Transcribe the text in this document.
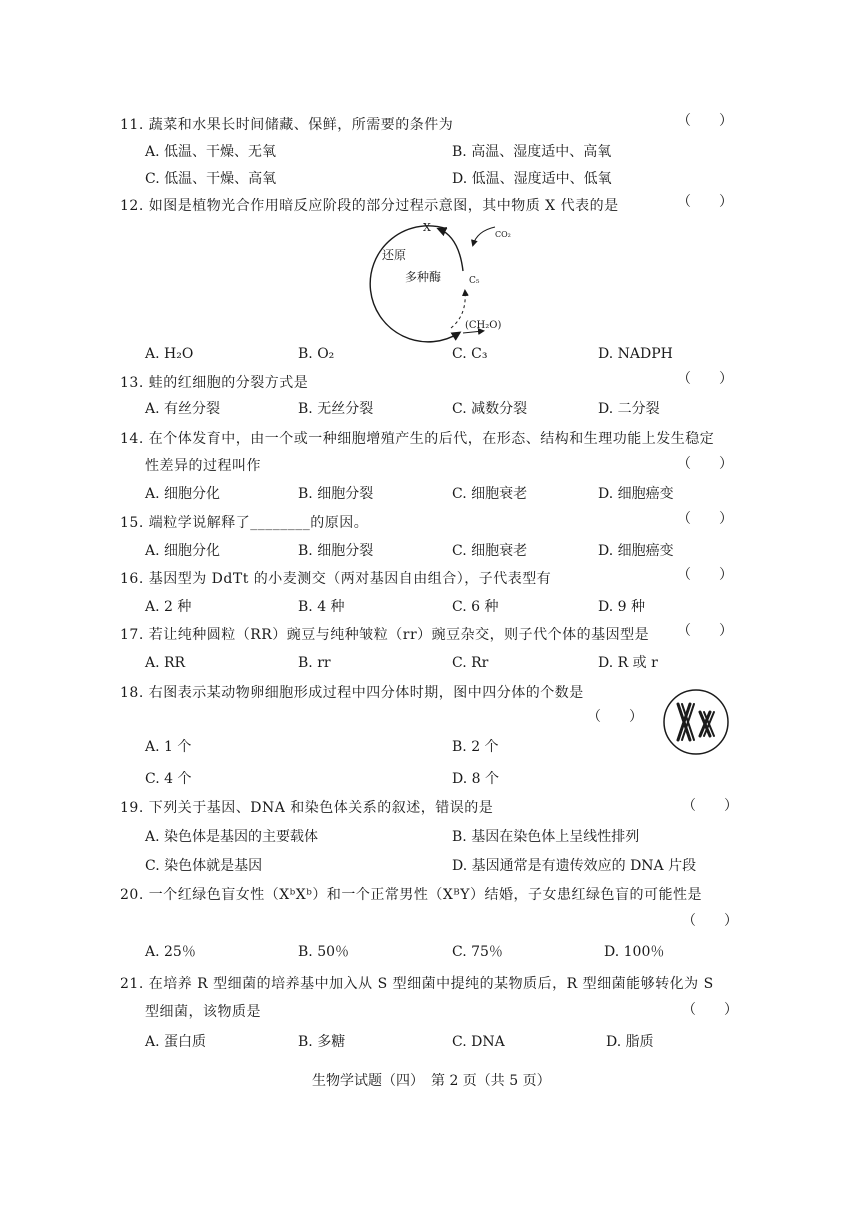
11. 蔬菜和水果长时间储藏、保鲜，所需要的条件为	（　　）
A. 低温、干燥、无氧	B. 高温、湿度适中、高氧
C. 低温、干燥、高氧	D. 低温、湿度适中、低氧
12. 如图是植物光合作用暗反应阶段的部分过程示意图，其中物质 X 代表的是	（　　）
X
CO₂
还原
多种酶	C₅
(CH₂O)
A. H₂O	B. O₂	C. C₃	D. NADPH
13. 蛙的红细胞的分裂方式是	（　　）
A. 有丝分裂	B. 无丝分裂	C. 减数分裂	D. 二分裂
14. 在个体发育中，由一个或一种细胞增殖产生的后代，在形态、结构和生理功能上发生稳定
性差异的过程叫作	（　　）
A. 细胞分化	B. 细胞分裂	C. 细胞衰老	D. 细胞癌变
15. 端粒学说解释了________的原因。	（　　）
A. 细胞分化	B. 细胞分裂	C. 细胞衰老	D. 细胞癌变
16. 基因型为 DdTt 的小麦测交（两对基因自由组合），子代表型有	（　　）
A. 2 种	B. 4 种	C. 6 种	D. 9 种
17. 若让纯种圆粒（RR）豌豆与纯种皱粒（rr）豌豆杂交，则子代个体的基因型是 （　　）
A. RR	B. rr	C. Rr	D. R 或 r
18. 右图表示某动物卵细胞形成过程中四分体时期，图中四分体的个数是
（　　）
A. 1 个	B. 2 个
C. 4 个	D. 8 个
19. 下列关于基因、DNA 和染色体关系的叙述，错误的是	（　　）
A. 染色体是基因的主要载体	B. 基因在染色体上呈线性排列
C. 染色体就是基因	D. 基因通常是有遗传效应的 DNA 片段
20. 一个红绿色盲女性（XᵇXᵇ）和一个正常男性（XᴮY）结婚，子女患红绿色盲的可能性是
（　　）
A. 25％	B. 50％	C. 75％	D. 100％
21. 在培养 R 型细菌的培养基中加入从 S 型细菌中提纯的某物质后，R 型细菌能够转化为 S
型细菌，该物质是	（　　）
A. 蛋白质	B. 多糖	C. DNA	D. 脂质
生物学试题（四）　第 2 页（共 5 页）
